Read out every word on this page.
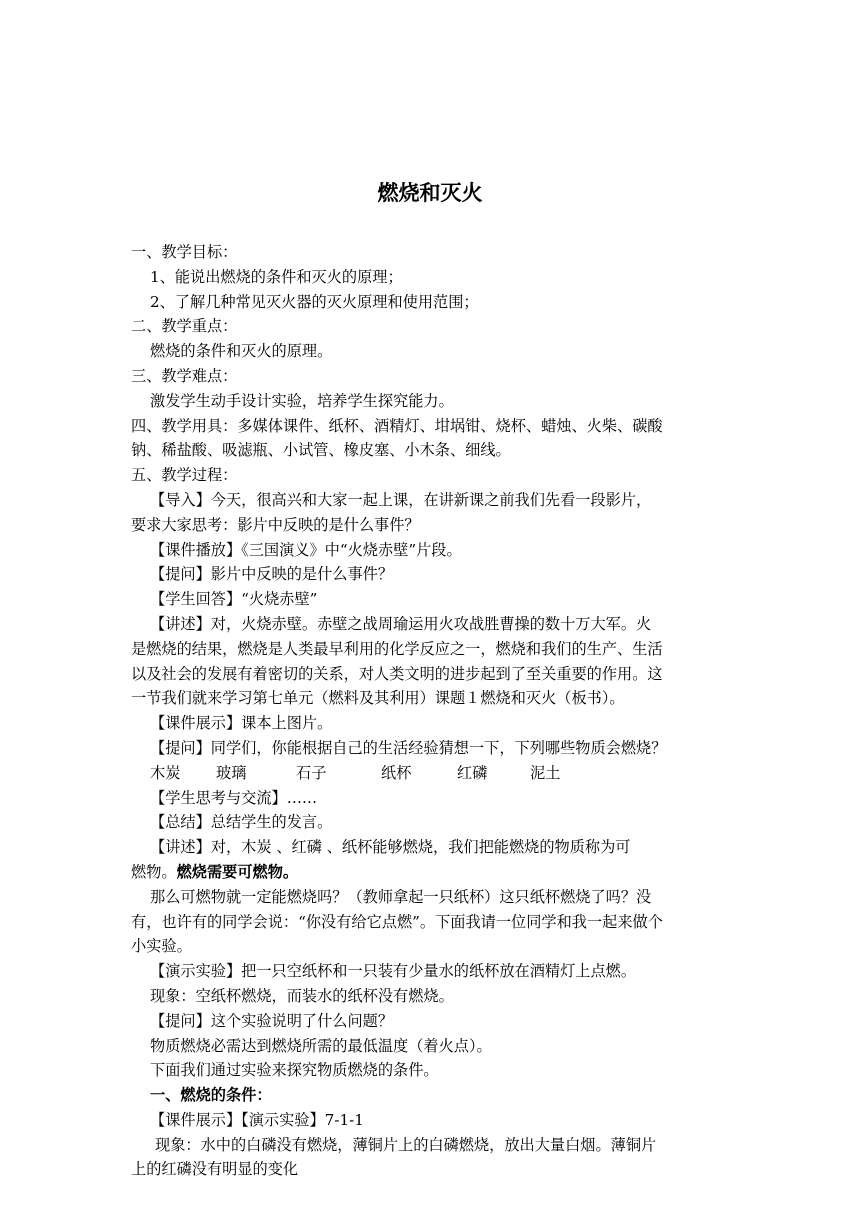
燃烧和灭火

一、教学目标：

1、能说出燃烧的条件和灭火的原理；

2、了解几种常见灭火器的灭火原理和使用范围；

二、教学重点：

燃烧的条件和灭火的原理。

三、教学难点：

激发学生动手设计实验，培养学生探究能力。

四、教学用具：多媒体课件、纸杯、酒精灯、坩埚钳、烧杯、蜡烛、火柴、碳酸

钠、稀盐酸、吸滤瓶、小试管、橡皮塞、小木条、细线。

五、教学过程：

【导入】今天，很高兴和大家一起上课，在讲新课之前我们先看一段影片，

要求大家思考：影片中反映的是什么事件？

【课件播放】《三国演义》中“火烧赤壁”片段。

【提问】影片中反映的是什么事件？

【学生回答】“火烧赤壁”

【讲述】对，火烧赤壁。赤壁之战周瑜运用火攻战胜曹操的数十万大军。火

是燃烧的结果，燃烧是人类最早利用的化学反应之一，燃烧和我们的生产、生活

以及社会的发展有着密切的关系，对人类文明的进步起到了至关重要的作用。这

一节我们就来学习第七单元（燃料及其利用）课题１燃烧和灭火（板书）。

【课件展示】课本上图片。

【提问】同学们，你能根据自己的生活经验猜想一下，下列哪些物质会燃烧？

木炭 玻璃	石子	纸杯	红磷	泥土

【学生思考与交流】……

【总结】总结学生的发言。

【讲述】对，木炭 、红磷 、纸杯能够燃烧，我们把能燃烧的物质称为可

燃物。燃烧需要可燃物。

那么可燃物就一定能燃烧吗？（教师拿起一只纸杯）这只纸杯燃烧了吗？没

有，也许有的同学会说：“你没有给它点燃”。下面我请一位同学和我一起来做个

小实验。

【演示实验】把一只空纸杯和一只装有少量水的纸杯放在酒精灯上点燃。

现象：空纸杯燃烧，而装水的纸杯没有燃烧。

【提问】这个实验说明了什么问题？

物质燃烧必需达到燃烧所需的最低温度（着火点）。

下面我们通过实验来探究物质燃烧的条件。

一、燃烧的条件：

【课件展示】【演示实验】7-1-1

现象：水中的白磷没有燃烧，薄铜片上的白磷燃烧，放出大量白烟。薄铜片

上的红磷没有明显的变化
